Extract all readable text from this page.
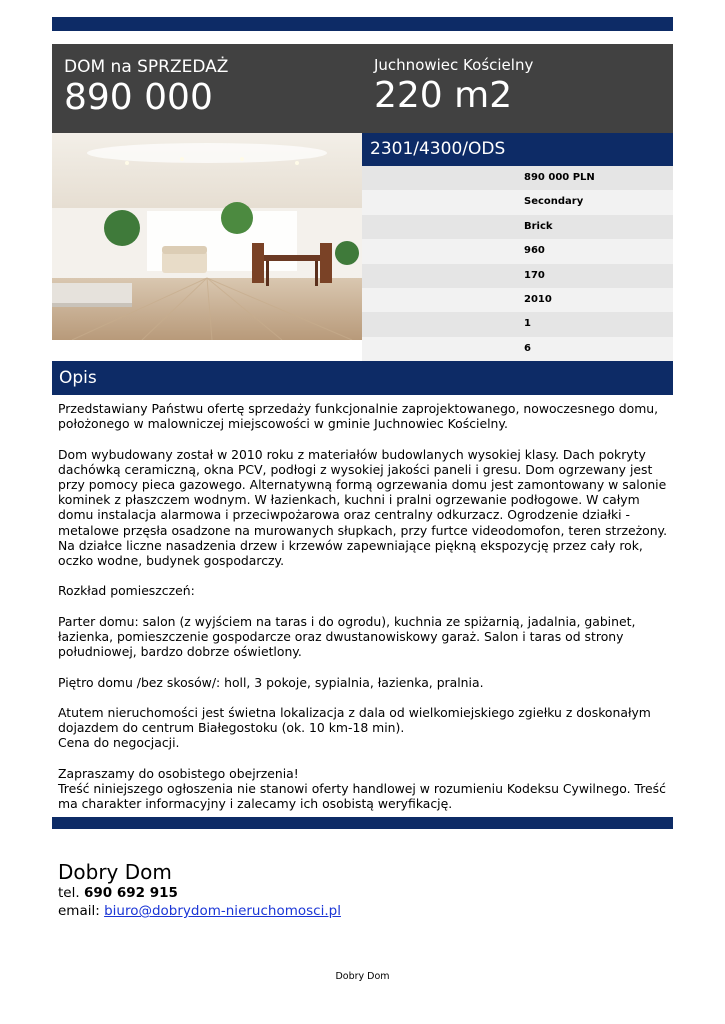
DOM na SPRZEDAŻ
890 000
Juchnowiec Kościelny
220 m2
2301/4300/ODS
890 000 PLN
Secondary
Brick
960
170
2010
1
6
Opis

Przedstawiany Państwu ofertę sprzedaży funkcjonalnie zaprojektowanego, nowoczesnego domu,
położonego w malowniczej miejscowości w gminie Juchnowiec Kościelny.

Dom wybudowany został w 2010 roku z materiałów budowlanych wysokiej klasy. Dach pokryty
dachówką ceramiczną, okna PCV, podłogi z wysokiej jakości paneli i gresu. Dom ogrzewany jest
przy pomocy pieca gazowego. Alternatywną formą ogrzewania domu jest zamontowany w salonie
kominek z płaszczem wodnym. W łazienkach, kuchni i pralni ogrzewanie podłogowe. W całym
domu instalacja alarmowa i przeciwpożarowa oraz centralny odkurzacz. Ogrodzenie działki -
metalowe przęsła osadzone na murowanych słupkach, przy furtce videodomofon, teren strzeżony.
Na działce liczne nasadzenia drzew i krzewów zapewniające piękną ekspozycję przez cały rok,
oczko wodne, budynek gospodarczy.

Rozkład pomieszczeń:

Parter domu: salon (z wyjściem na taras i do ogrodu), kuchnia ze spiżarnią, jadalnia, gabinet,
łazienka, pomieszczenie gospodarcze oraz dwustanowiskowy garaż. Salon i taras od strony
południowej, bardzo dobrze oświetlony.

Piętro domu /bez skosów/: holl, 3 pokoje, sypialnia, łazienka, pralnia.

Atutem nieruchomości jest świetna lokalizacja z dala od wielkomiejskiego zgiełku z doskonałym
dojazdem do centrum Białegostoku (ok. 10 km-18 min).
Cena do negocjacji.

Zapraszamy do osobistego obejrzenia!
Treść niniejszego ogłoszenia nie stanowi oferty handlowej w rozumieniu Kodeksu Cywilnego. Treść
ma charakter informacyjny i zalecamy ich osobistą weryfikację.

Dobry Dom
tel. 690 692 915
email: biuro@dobrydom-nieruchomosci.pl
Dobry Dom
